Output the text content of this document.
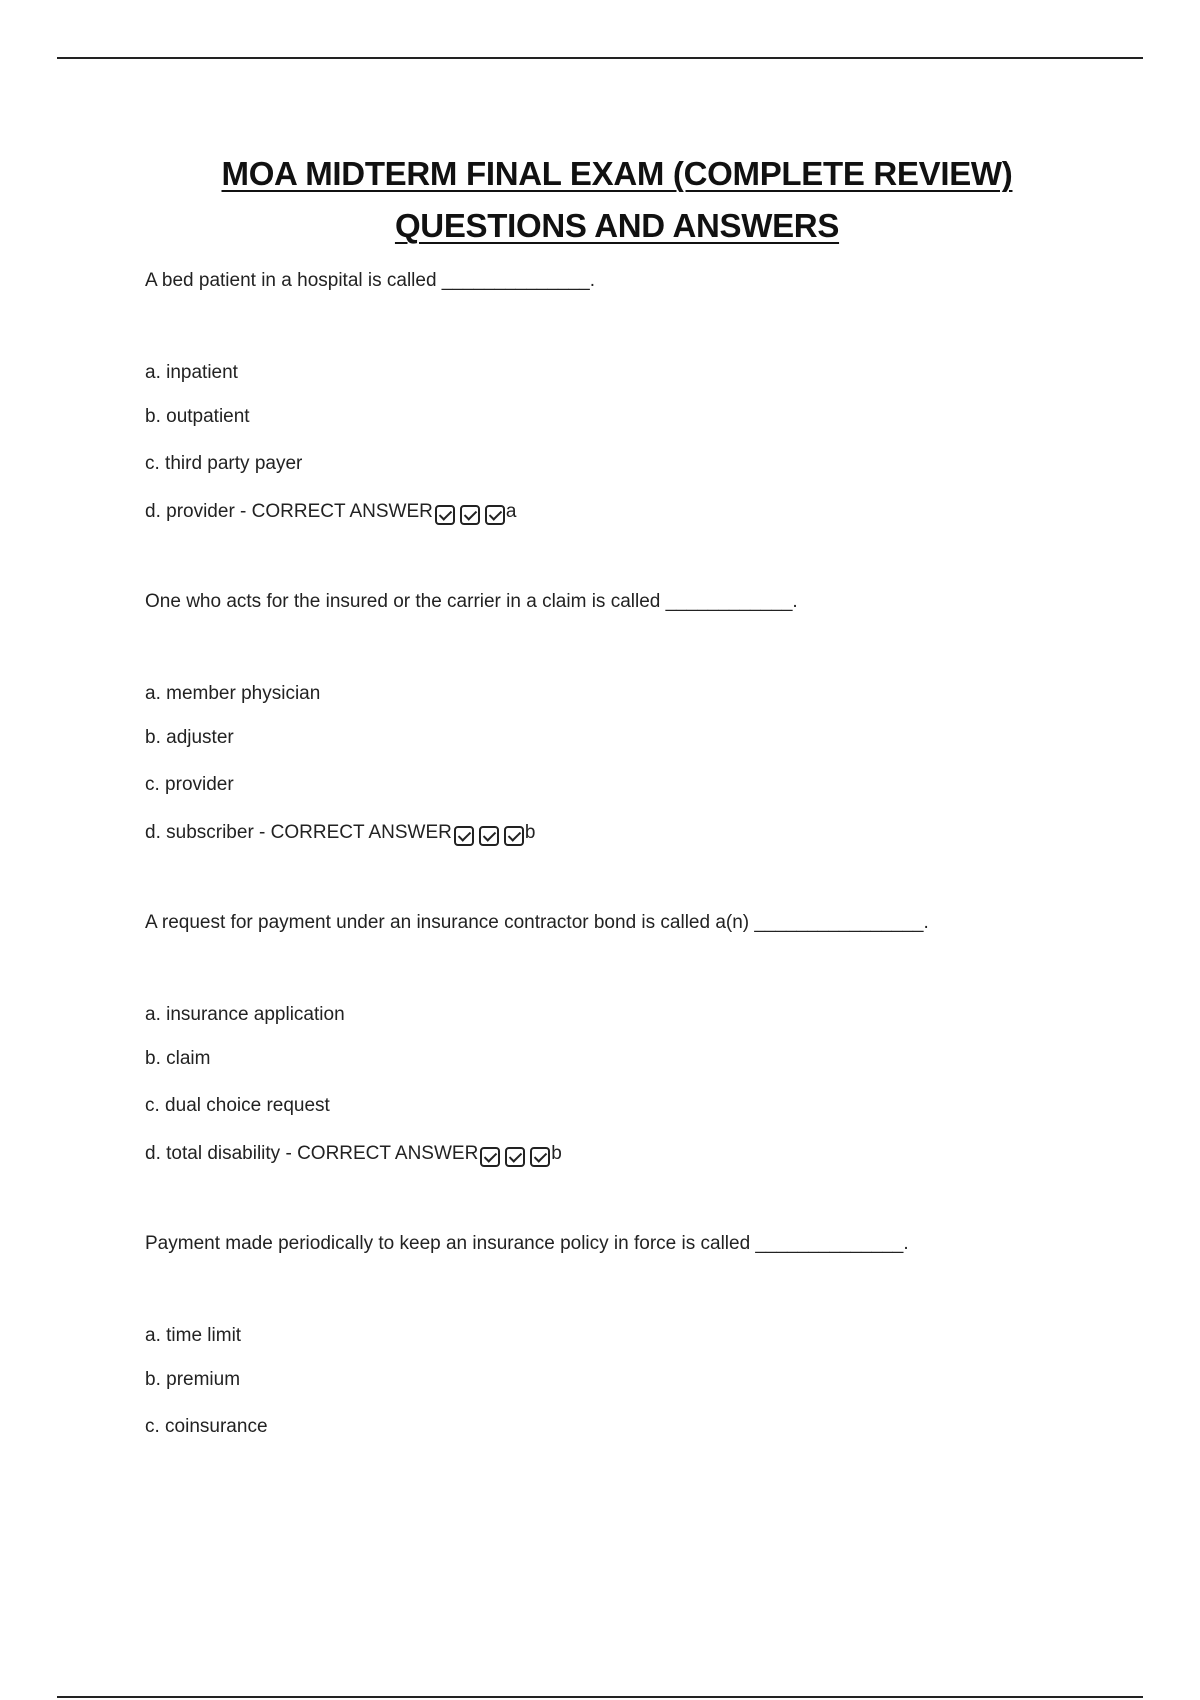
MOA MIDTERM FINAL EXAM (COMPLETE REVIEW)
QUESTIONS AND ANSWERS
A bed patient in a hospital is called ______________.
a. inpatient
b. outpatient
c. third party payer
d. provider - CORRECT ANSWER	a
One who acts for the insured or the carrier in a claim is called ____________.
a. member physician
b. adjuster
c. provider
d. subscriber - CORRECT ANSWER	b
A request for payment under an insurance contractor bond is called a(n) ________________.
a. insurance application
b. claim
c. dual choice request
d. total disability - CORRECT ANSWER	b
Payment made periodically to keep an insurance policy in force is called ______________.
a. time limit
b. premium
c. coinsurance
